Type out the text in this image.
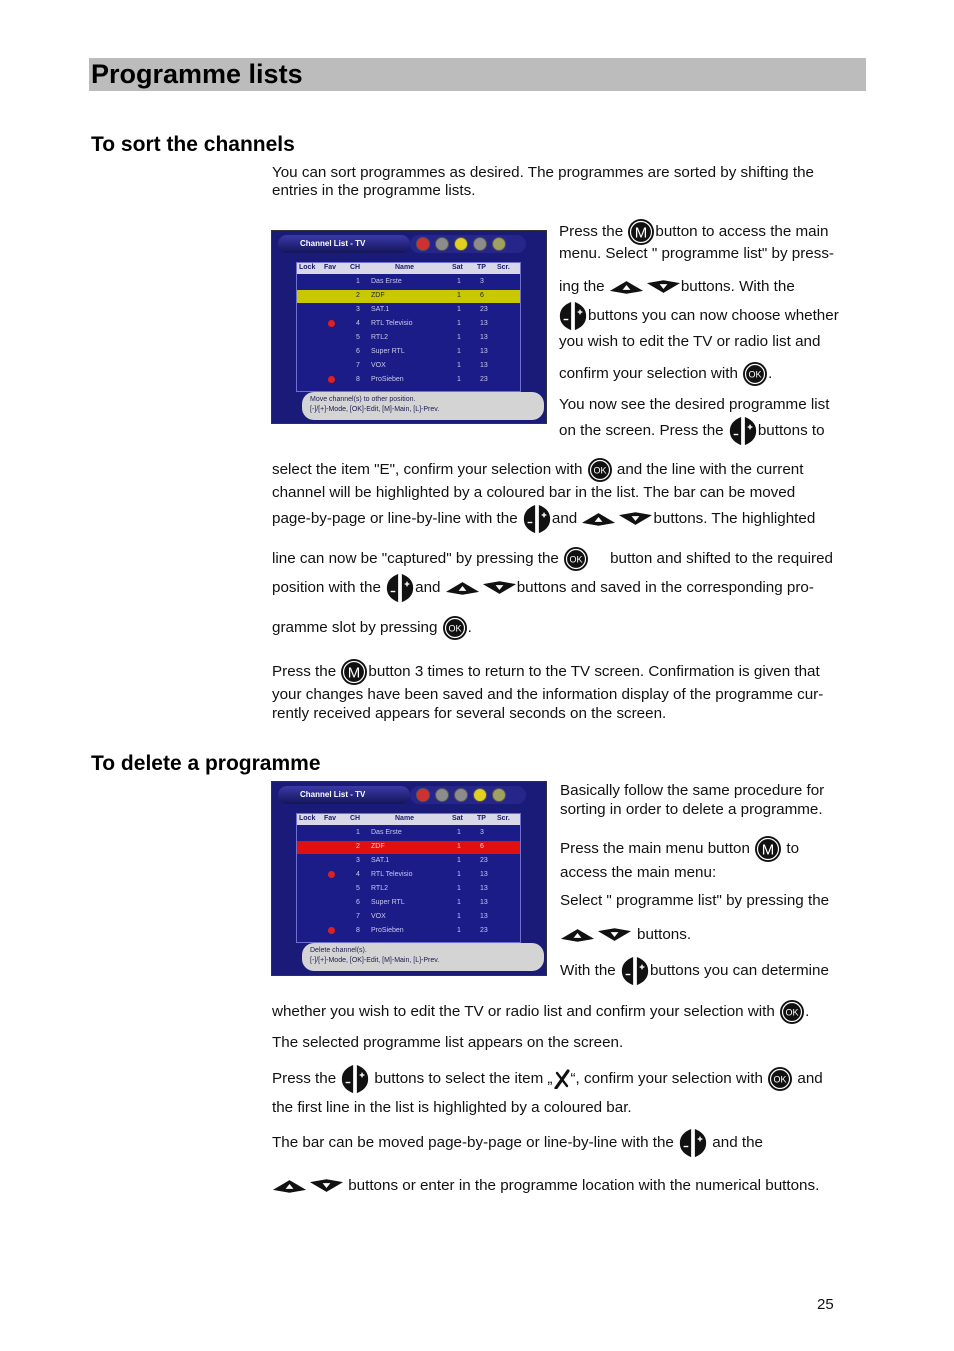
Programme lists
To sort the channels
You can sort programmes as desired. The programmes are sorted by shifting the
entries in the programme lists.
Channel List - TV
Lock Fav CH	Name	Sat TP Scr.
1 Das Erste	1	3
2 ZDF	1	6
3 SAT.1	1	23
4 RTL Televisio	1	13
5 RTL2	1	13
6 Super RTL	1	13
7 VOX	1	13
8 ProSieben	1	23
Move channel(s) to other position.
[-]/[+]-Mode, [OK]-Edit, [M]-Main, [L]-Prev.
Press the
button to access the main
menu. Select " programme list" by press-
ing the	buttons. With the
buttons you can now choose whether
you wish to edit the TV or radio list and
confirm your selection with
.
You now see the desired programme list
on the screen. Press the
buttons to
select the item "E", confirm your selection with
and the line with the current
channel will be highlighted by a coloured bar in the list. The bar can be moved
page-by-page or line-by-line with the
and	buttons. The highlighted
line can now be "captured" by pressing the	button and shifted to the required
position with the
and	buttons and saved in the corresponding pro-
gramme slot by pressing
.
Press the
button 3 times to return to the TV screen. Confirmation is given that
your changes have been saved and the information display of the programme cur-
rently received appears for several seconds on the screen.
To delete a programme
Channel List - TV
Lock Fav CH	Name	Sat TP Scr.
1 Das Erste	1	3
2 ZDF	1	6
3 SAT.1	1	23
4 RTL Televisio	1	13
5 RTL2	1	13
6 Super RTL	1	13
7 VOX	1	13
8 ProSieben	1	23
Delete channel(s).
[-]/[+]-Mode, [OK]-Edit, [M]-Main, [L]-Prev.
Basically follow the same procedure for
sorting in order to delete a programme.
Press the main menu button
to
access the main menu:
Select " programme list" by pressing the
buttons.
With the
buttons you can determine
whether you wish to edit the TV or radio list and confirm your selection with
.
The selected programme list appears on the screen.
Press the
buttons to select the item „ “, confirm your selection with
and
the first line in the list is highlighted by a coloured bar.
The bar can be moved page-by-page or line-by-line with the
and the
buttons or enter in the programme location with the numerical buttons.
25
